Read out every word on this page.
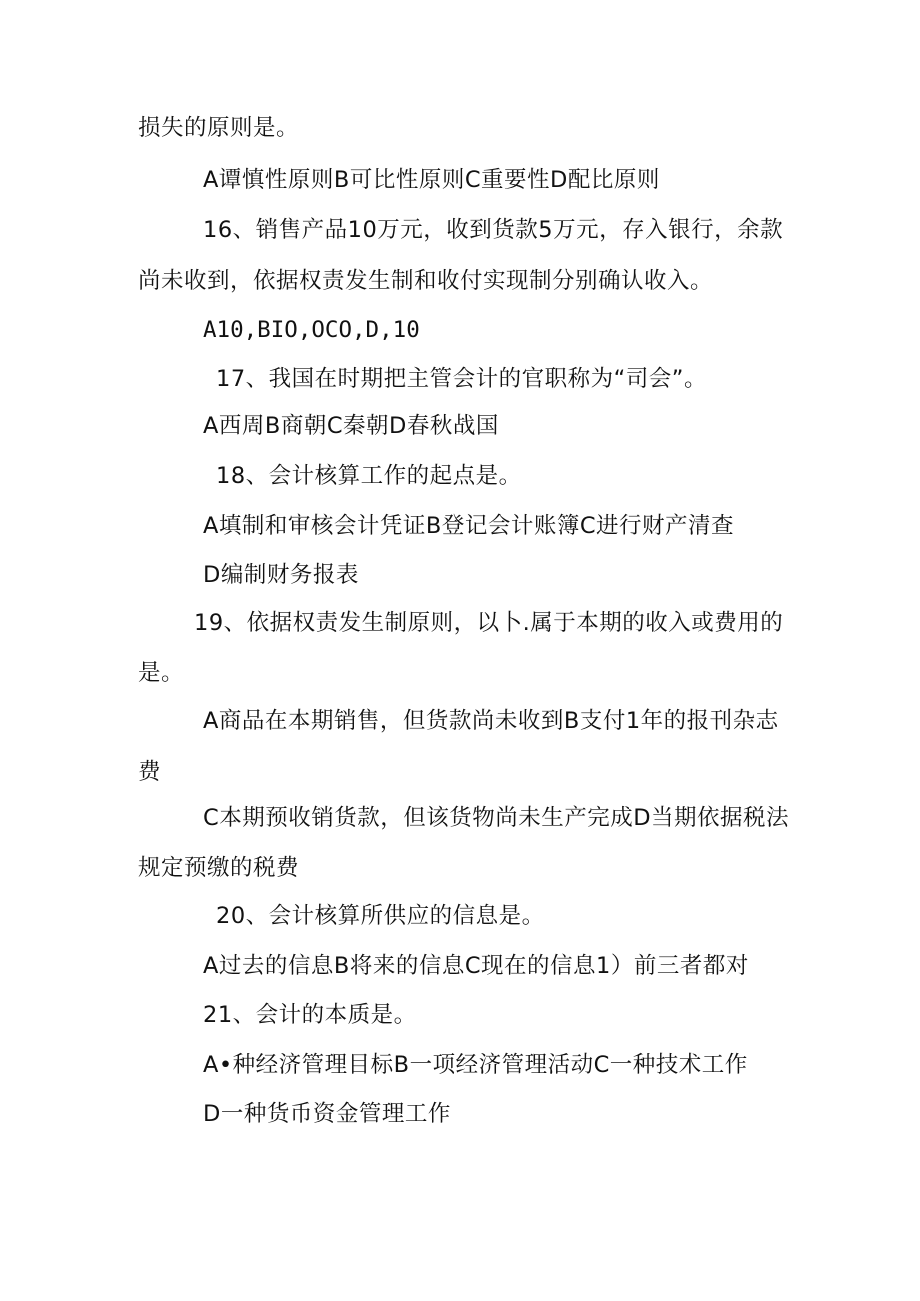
损失的原则是。
A谭慎性原则B可比性原则C重要性D配比原则
16、销售产品10万元，收到货款5万元，存入银行，余款
尚未收到，依据权责发生制和收付实现制分别确认收入。
A10,BIO,OCO,D,10
17、我国在时期把主管会计的官职称为“司会”。
A西周B商朝C秦朝D春秋战国
18、会计核算工作的起点是。
A填制和审核会计凭证B登记会计账簿C进行财产清查
D编制财务报表
19、依据权责发生制原则，以卜.属于本期的收入或费用的
是。
A商品在本期销售，但货款尚未收到B支付1年的报刊杂志
费
C本期预收销货款，但该货物尚未生产完成D当期依据税法
规定预缴的税费
20、会计核算所供应的信息是。
A过去的信息B将来的信息C现在的信息1）前三者都对
21、会计的本质是。
A•种经济管理目标B一项经济管理活动C一种技术工作
D一种货币资金管理工作
